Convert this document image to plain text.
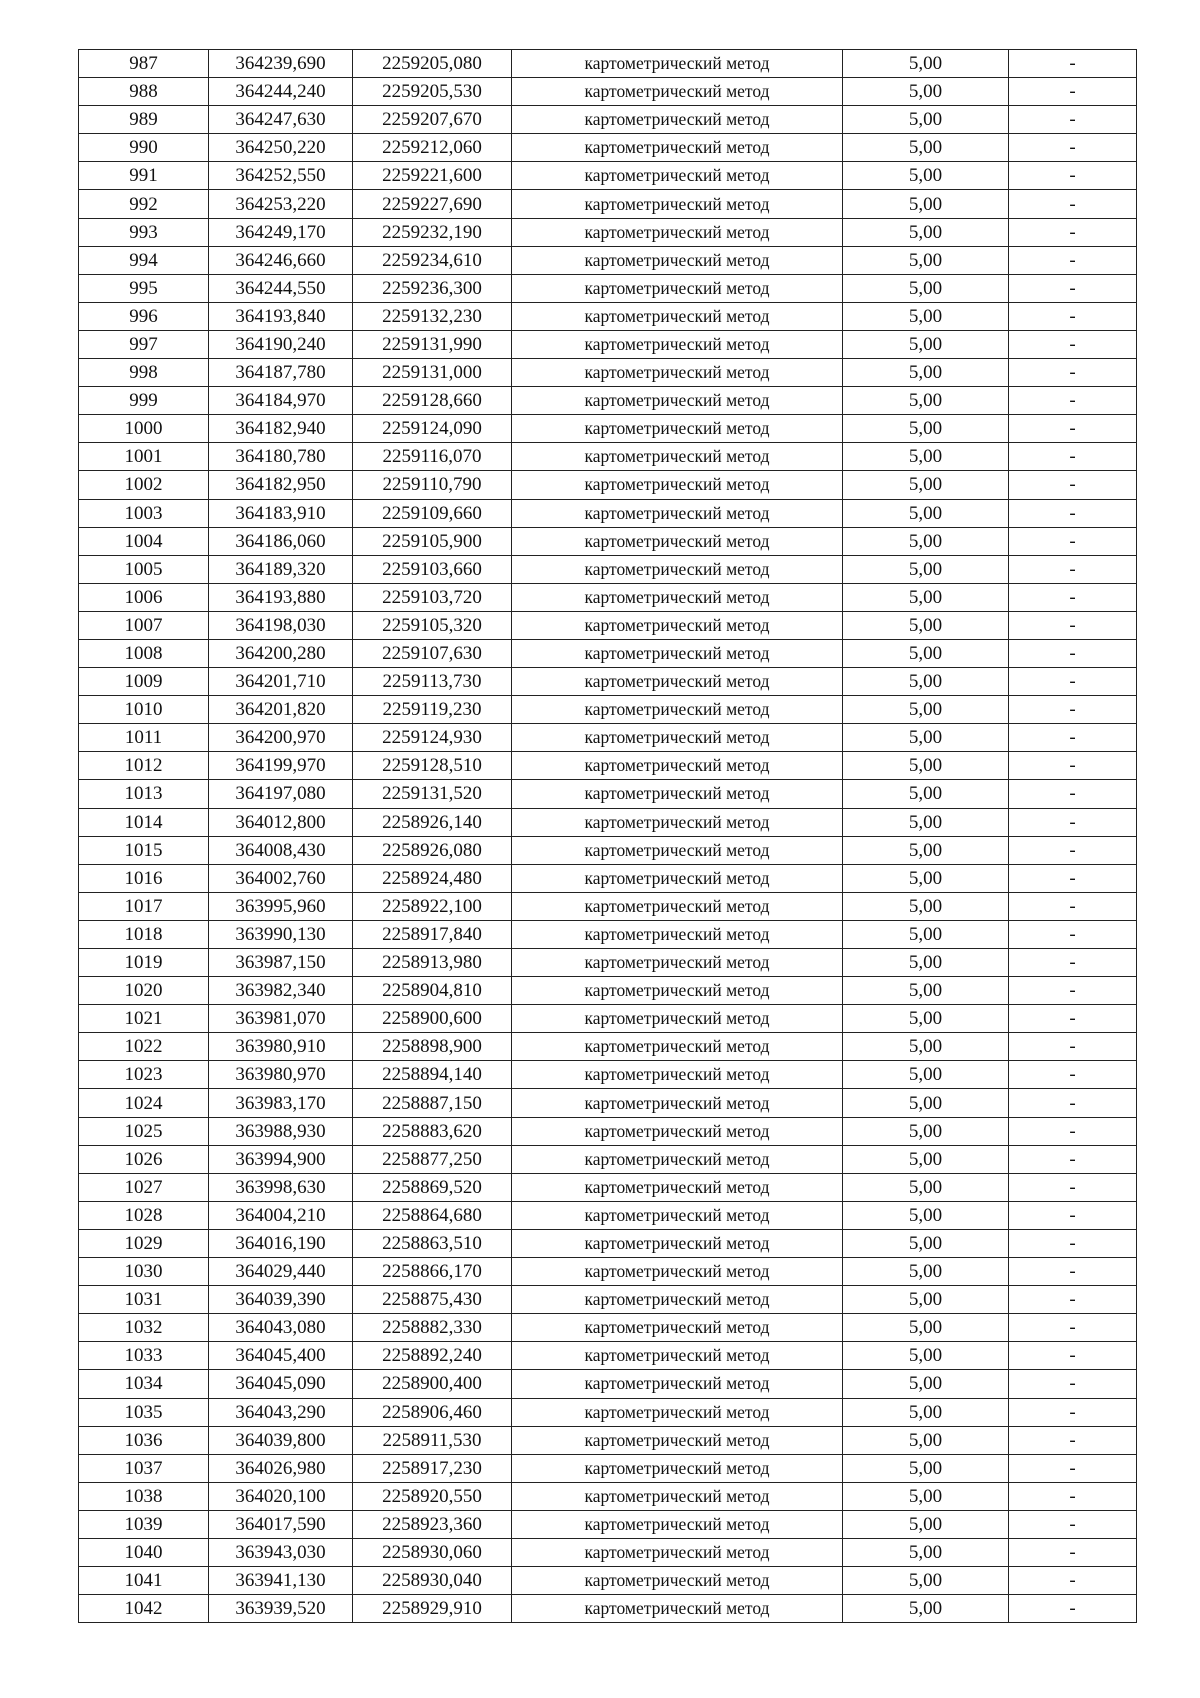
987	364239,690	2259205,080	картометрический метод	5,00	-
988	364244,240	2259205,530	картометрический метод	5,00	-
989	364247,630	2259207,670	картометрический метод	5,00	-
990	364250,220	2259212,060	картометрический метод	5,00	-
991	364252,550	2259221,600	картометрический метод	5,00	-
992	364253,220	2259227,690	картометрический метод	5,00	-
993	364249,170	2259232,190	картометрический метод	5,00	-
994	364246,660	2259234,610	картометрический метод	5,00	-
995	364244,550	2259236,300	картометрический метод	5,00	-
996	364193,840	2259132,230	картометрический метод	5,00	-
997	364190,240	2259131,990	картометрический метод	5,00	-
998	364187,780	2259131,000	картометрический метод	5,00	-
999	364184,970	2259128,660	картометрический метод	5,00	-
1000	364182,940	2259124,090	картометрический метод	5,00	-
1001	364180,780	2259116,070	картометрический метод	5,00	-
1002	364182,950	2259110,790	картометрический метод	5,00	-
1003	364183,910	2259109,660	картометрический метод	5,00	-
1004	364186,060	2259105,900	картометрический метод	5,00	-
1005	364189,320	2259103,660	картометрический метод	5,00	-
1006	364193,880	2259103,720	картометрический метод	5,00	-
1007	364198,030	2259105,320	картометрический метод	5,00	-
1008	364200,280	2259107,630	картометрический метод	5,00	-
1009	364201,710	2259113,730	картометрический метод	5,00	-
1010	364201,820	2259119,230	картометрический метод	5,00	-
1011	364200,970	2259124,930	картометрический метод	5,00	-
1012	364199,970	2259128,510	картометрический метод	5,00	-
1013	364197,080	2259131,520	картометрический метод	5,00	-
1014	364012,800	2258926,140	картометрический метод	5,00	-
1015	364008,430	2258926,080	картометрический метод	5,00	-
1016	364002,760	2258924,480	картометрический метод	5,00	-
1017	363995,960	2258922,100	картометрический метод	5,00	-
1018	363990,130	2258917,840	картометрический метод	5,00	-
1019	363987,150	2258913,980	картометрический метод	5,00	-
1020	363982,340	2258904,810	картометрический метод	5,00	-
1021	363981,070	2258900,600	картометрический метод	5,00	-
1022	363980,910	2258898,900	картометрический метод	5,00	-
1023	363980,970	2258894,140	картометрический метод	5,00	-
1024	363983,170	2258887,150	картометрический метод	5,00	-
1025	363988,930	2258883,620	картометрический метод	5,00	-
1026	363994,900	2258877,250	картометрический метод	5,00	-
1027	363998,630	2258869,520	картометрический метод	5,00	-
1028	364004,210	2258864,680	картометрический метод	5,00	-
1029	364016,190	2258863,510	картометрический метод	5,00	-
1030	364029,440	2258866,170	картометрический метод	5,00	-
1031	364039,390	2258875,430	картометрический метод	5,00	-
1032	364043,080	2258882,330	картометрический метод	5,00	-
1033	364045,400	2258892,240	картометрический метод	5,00	-
1034	364045,090	2258900,400	картометрический метод	5,00	-
1035	364043,290	2258906,460	картометрический метод	5,00	-
1036	364039,800	2258911,530	картометрический метод	5,00	-
1037	364026,980	2258917,230	картометрический метод	5,00	-
1038	364020,100	2258920,550	картометрический метод	5,00	-
1039	364017,590	2258923,360	картометрический метод	5,00	-
1040	363943,030	2258930,060	картометрический метод	5,00	-
1041	363941,130	2258930,040	картометрический метод	5,00	-
1042	363939,520	2258929,910	картометрический метод	5,00	-
